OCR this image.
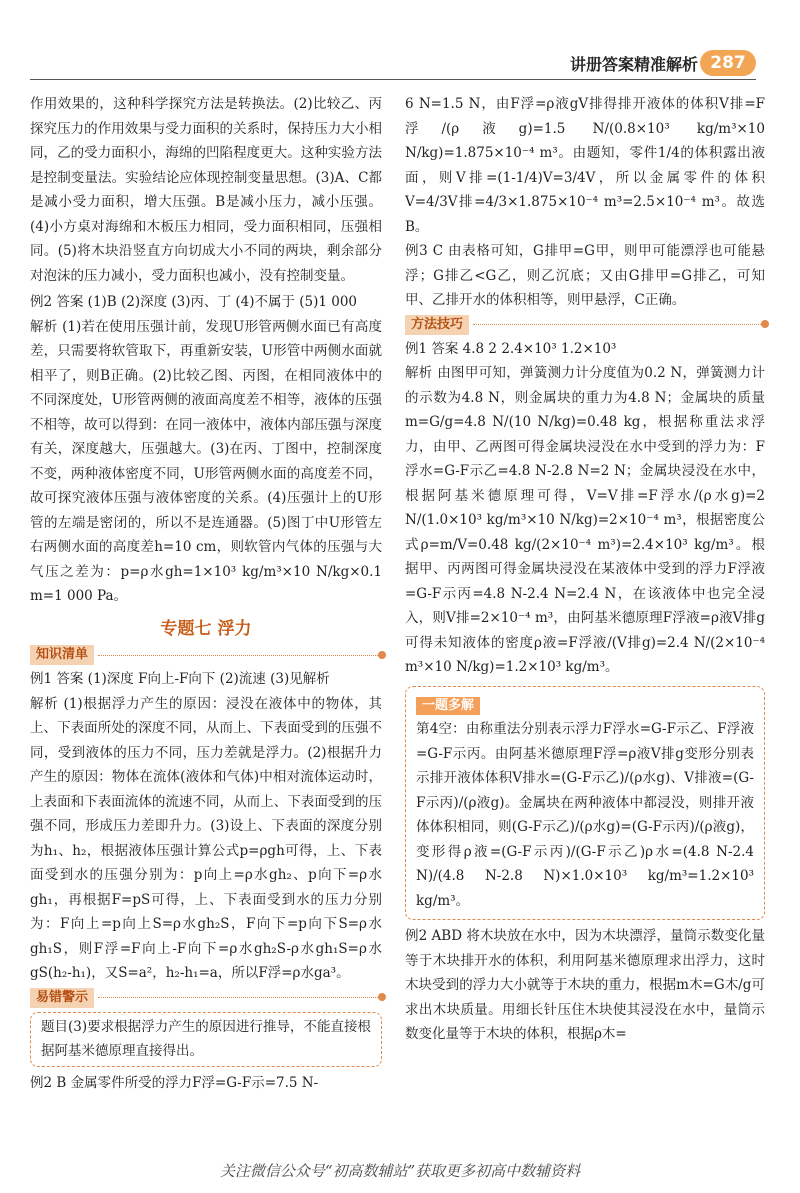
讲册答案精准解析 287

作用效果的，这种科学探究方法是转换法。(2)比较乙、丙探究压力的作用效果与受力面积的关系时，保持压力大小相同，乙的受力面积小，海绵的凹陷程度更大。这种实验方法是控制变量法。实验结论应体现控制变量思想。(3)A、C都是减小受力面积，增大压强。B是减小压力，减小压强。(4)小方桌对海绵和木板压力相同，受力面积相同，压强相同。(5)将木块沿竖直方向切成大小不同的两块，剩余部分对泡沫的压力减小，受力面积也减小，没有控制变量。

例2 答案 (1)B (2)深度 (3)丙、丁 (4)不属于 (5)1 000

解析 (1)若在使用压强计前，发现U形管两侧水面已有高度差，只需要将软管取下，再重新安装，U形管中两侧水面就相平了，则B正确。(2)比较乙图、丙图，在相同液体中的不同深度处，U形管两侧的液面高度差不相等，液体的压强不相等，故可以得到：在同一液体中，液体内部压强与深度有关，深度越大，压强越大。(3)在丙、丁图中，控制深度不变，两种液体密度不同，U形管两侧水面的高度差不同，故可探究液体压强与液体密度的关系。(4)压强计上的U形管的左端是密闭的，所以不是连通器。(5)图丁中U形管左右两侧水面的高度差h=10 cm，则软管内气体的压强与大气压之差为：p=ρ水gh=1×10³ kg/m³×10 N/kg×0.1 m=1 000 Pa。

专题七 浮力
知识清单

例1 答案 (1)深度 F向上-F向下 (2)流速 (3)见解析

解析 (1)根据浮力产生的原因：浸没在液体中的物体，其上、下表面所处的深度不同，从而上、下表面受到的压强不同，受到液体的压力不同，压力差就是浮力。(2)根据升力产生的原因：物体在流体(液体和气体)中相对流体运动时，上表面和下表面流体的流速不同，从而上、下表面受到的压强不同，形成压力差即升力。(3)设上、下表面的深度分别为h₁、h₂，根据液体压强计算公式p=ρgh可得，上、下表面受到水的压强分别为：p向上=ρ水gh₂、p向下=ρ水gh₁，再根据F=pS可得，上、下表面受到水的压力分别为：F向上=p向上S=ρ水gh₂S，F向下=p向下S=ρ水gh₁S，则F浮=F向上-F向下=ρ水gh₂S-ρ水gh₁S=ρ水gS(h₂-h₁)，又S=a²，h₂-h₁=a，所以F浮=ρ水ga³。

易错警示

题目(3)要求根据浮力产生的原因进行推导，不能直接根据阿基米德原理直接得出。

例2 B 金属零件所受的浮力F浮=G-F示=7.5 N-

6 N=1.5 N，由F浮=ρ液gV排得排开液体的体积V排=F浮/(ρ液g)=1.5 N/(0.8×10³ kg/m³×10 N/kg)=1.875×10⁻⁴ m³。由题知，零件1/4的体积露出液面，则V排=(1-1/4)V=3/4V，所以金属零件的体积V=4/3V排=4/3×1.875×10⁻⁴ m³=2.5×10⁻⁴ m³。故选B。

例3 C 由表格可知，G排甲=G甲，则甲可能漂浮也可能悬浮；G排乙<G乙，则乙沉底；又由G排甲=G排乙，可知甲、乙排开水的体积相等，则甲悬浮，C正确。

方法技巧

例1 答案 4.8 2 2.4×10³ 1.2×10³

解析 由图甲可知，弹簧测力计分度值为0.2 N，弹簧测力计的示数为4.8 N，则金属块的重力为4.8 N；金属块的质量m=G/g=4.8 N/(10 N/kg)=0.48 kg，根据称重法求浮力，由甲、乙两图可得金属块浸没在水中受到的浮力为：F浮水=G-F示乙=4.8 N-2.8 N=2 N；金属块浸没在水中，根据阿基米德原理可得，V=V排=F浮水/(ρ水g)=2 N/(1.0×10³ kg/m³×10 N/kg)=2×10⁻⁴ m³，根据密度公式ρ=m/V=0.48 kg/(2×10⁻⁴ m³)=2.4×10³ kg/m³。根据甲、丙两图可得金属块浸没在某液体中受到的浮力F浮液=G-F示丙=4.8 N-2.4 N=2.4 N，在该液体中也完全浸入，则V排=2×10⁻⁴ m³，由阿基米德原理F浮液=ρ液V排g可得未知液体的密度ρ液=F浮液/(V排g)=2.4 N/(2×10⁻⁴ m³×10 N/kg)=1.2×10³ kg/m³。

一题多解

第4空：由称重法分别表示浮力F浮水=G-F示乙、F浮液=G-F示丙。由阿基米德原理F浮=ρ液V排g变形分别表示排开液体体积V排水=(G-F示乙)/(ρ水g)、V排液=(G-F示丙)/(ρ液g)。金属块在两种液体中都浸没，则排开液体体积相同，则(G-F示乙)/(ρ水g)=(G-F示丙)/(ρ液g)，变形得ρ液=(G-F示丙)/(G-F示乙)ρ水=(4.8 N-2.4 N)/(4.8 N-2.8 N)×1.0×10³ kg/m³=1.2×10³ kg/m³。

例2 ABD 将木块放在水中，因为木块漂浮，量筒示数变化量等于木块排开水的体积，利用阿基米德原理求出浮力，这时木块受到的浮力大小就等于木块的重力，根据m木=G木/g可求出木块质量。用细长针压住木块使其浸没在水中，量筒示数变化量等于木块的体积，根据ρ木=

关注微信公众号“初高数辅站”获取更多初高中数辅资料
